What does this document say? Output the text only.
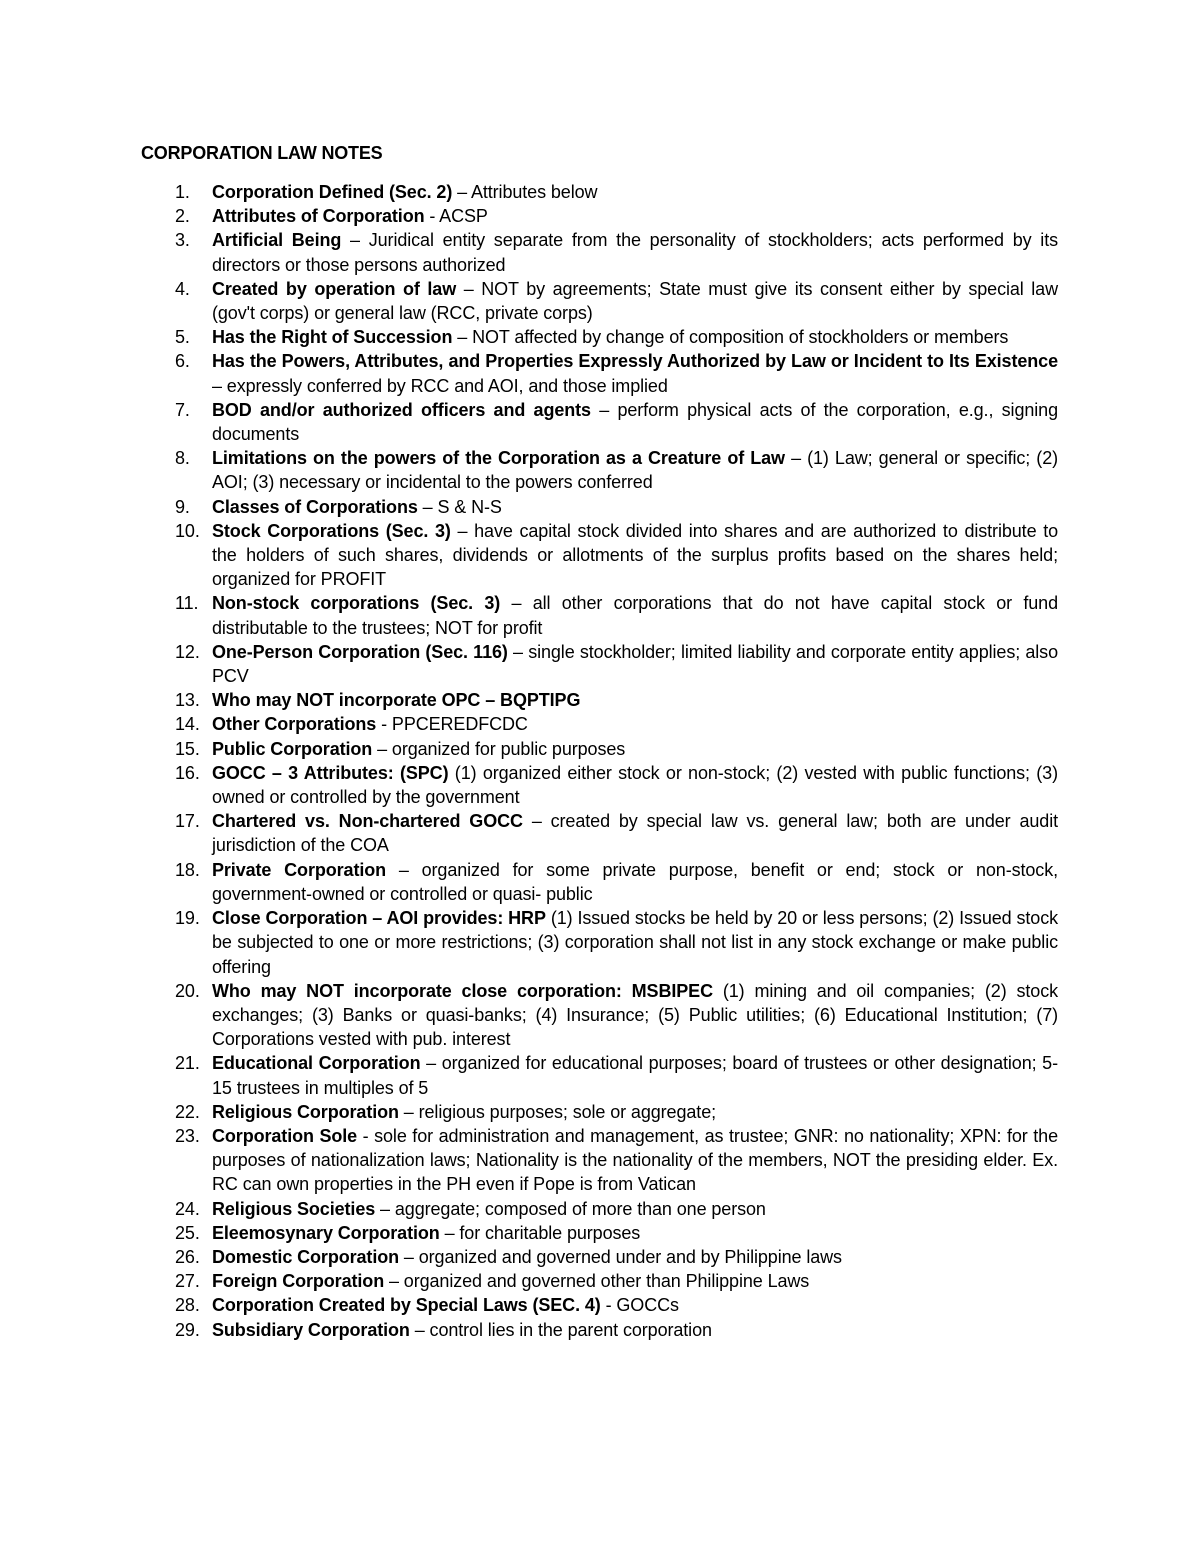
CORPORATION LAW NOTES
1. Corporation Defined (Sec. 2) – Attributes below
2. Attributes of Corporation - ACSP
3. Artificial Being – Juridical entity separate from the personality of stockholders; acts performed by its directors or those persons authorized
4. Created by operation of law – NOT by agreements; State must give its consent either by special law (gov't corps) or general law (RCC, private corps)
5. Has the Right of Succession – NOT affected by change of composition of stockholders or members
6. Has the Powers, Attributes, and Properties Expressly Authorized by Law or Incident to Its Existence – expressly conferred by RCC and AOI, and those implied
7. BOD and/or authorized officers and agents – perform physical acts of the corporation, e.g., signing documents
8. Limitations on the powers of the Corporation as a Creature of Law – (1) Law; general or specific; (2) AOI; (3) necessary or incidental to the powers conferred
9. Classes of Corporations – S & N-S
10. Stock Corporations (Sec. 3) – have capital stock divided into shares and are authorized to distribute to the holders of such shares, dividends or allotments of the surplus profits based on the shares held; organized for PROFIT
11. Non-stock corporations (Sec. 3) – all other corporations that do not have capital stock or fund distributable to the trustees; NOT for profit
12. One-Person Corporation (Sec. 116) – single stockholder; limited liability and corporate entity applies; also PCV
13. Who may NOT incorporate OPC – BQPTIPG
14. Other Corporations - PPCEREDFCDC
15. Public Corporation – organized for public purposes
16. GOCC – 3 Attributes: (SPC) (1) organized either stock or non-stock; (2) vested with public functions; (3) owned or controlled by the government
17. Chartered vs. Non-chartered GOCC – created by special law vs. general law; both are under audit jurisdiction of the COA
18. Private Corporation – organized for some private purpose, benefit or end; stock or non-stock, government-owned or controlled or quasi- public
19. Close Corporation – AOI provides: HRP (1) Issued stocks be held by 20 or less persons; (2) Issued stock be subjected to one or more restrictions; (3) corporation shall not list in any stock exchange or make public offering
20. Who may NOT incorporate close corporation: MSBIPEC (1) mining and oil companies; (2) stock exchanges; (3) Banks or quasi-banks; (4) Insurance; (5) Public utilities; (6) Educational Institution; (7) Corporations vested with pub. interest
21. Educational Corporation – organized for educational purposes; board of trustees or other designation; 5-15 trustees in multiples of 5
22. Religious Corporation – religious purposes; sole or aggregate;
23. Corporation Sole - sole for administration and management, as trustee; GNR: no nationality; XPN: for the purposes of nationalization laws; Nationality is the nationality of the members, NOT the presiding elder. Ex. RC can own properties in the PH even if Pope is from Vatican
24. Religious Societies – aggregate; composed of more than one person
25. Eleemosynary Corporation – for charitable purposes
26. Domestic Corporation – organized and governed under and by Philippine laws
27. Foreign Corporation – organized and governed other than Philippine Laws
28. Corporation Created by Special Laws (SEC. 4) - GOCCs
29. Subsidiary Corporation – control lies in the parent corporation
